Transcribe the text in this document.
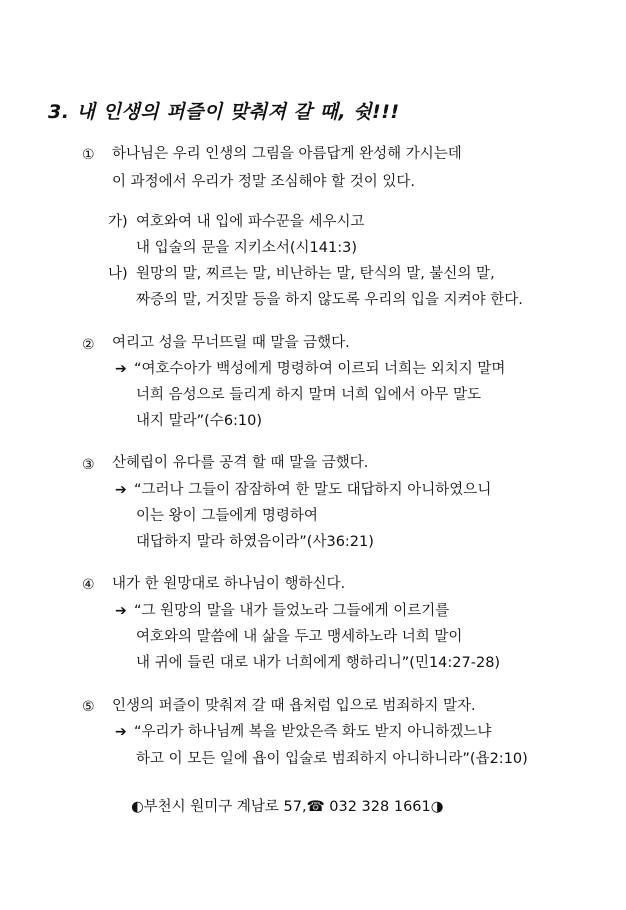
3. 내 인생의 퍼즐이 맞춰져 갈 때, 쉿!!!
① 하나님은 우리 인생의 그림을 아름답게 완성해 가시는데
이 과정에서 우리가 정말 조심해야 할 것이 있다.
가) 여호와여 내 입에 파수꾼을 세우시고
내 입술의 문을 지키소서(시141:3)
나) 원망의 말, 찌르는 말, 비난하는 말, 탄식의 말, 불신의 말,
짜증의 말, 거짓말 등을 하지 않도록 우리의 입을 지켜야 한다.
② 여리고 성을 무너뜨릴 때 말을 금했다.
➔ “여호수아가 백성에게 명령하여 이르되 너희는 외치지 말며
너희 음성으로 들리게 하지 말며 너희 입에서 아무 말도
내지 말라”(수6:10)
③ 산헤립이 유다를 공격 할 때 말을 금했다.
➔ “그러나 그들이 잠잠하여 한 말도 대답하지 아니하였으니
이는 왕이 그들에게 명령하여
대답하지 말라 하였음이라”(사36:21)
④ 내가 한 원망대로 하나님이 행하신다.
➔ “그 원망의 말을 내가 들었노라 그들에게 이르기를
여호와의 말씀에 내 삶을 두고 맹세하노라 너희 말이
내 귀에 들린 대로 내가 너희에게 행하리니”(민14:27-28)
⑤ 인생의 퍼즐이 맞춰져 갈 때 욥처럼 입으로 범죄하지 말자.
➔ “우리가 하나님께 복을 받았은즉 화도 받지 아니하겠느냐
하고 이 모든 일에 욥이 입술로 범죄하지 아니하니라”(욥2:10)
◐부천시 원미구 계남로 57,☎ 032 328 1661◑
